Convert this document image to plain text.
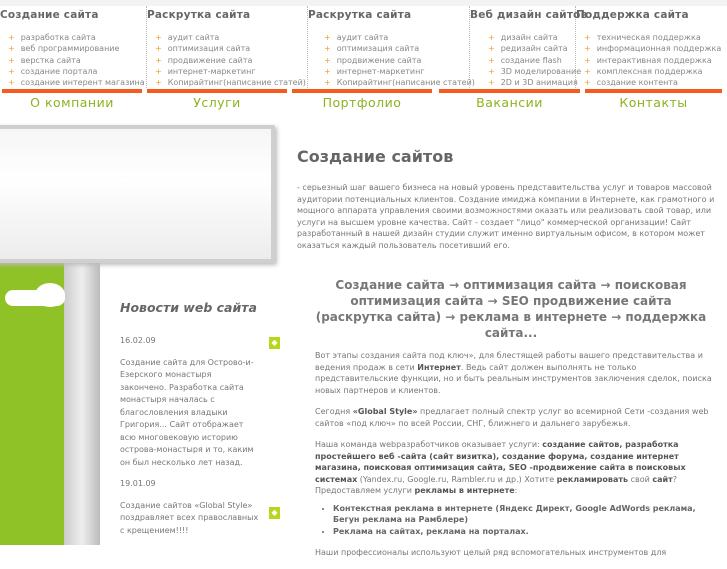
Создание сайта
+ разработка сайта
+ веб программирование
+ верстка сайта
+ создание портала
+ создание интерент магазина
Раскрутка сайта
+ аудит сайта
+ оптимизация сайта
+ продвижение сайта
+ интернет-маркетинг
+ Копирайтинг(написание статей)
Раскрутка сайта
+ аудит сайта
+ оптимизация сайта
+ продвижение сайта
+ интернет-маркетинг
+ Копирайтинг(написание статей)
Веб дизайн сайтов
+ дизайн сайта
+ редизайн сайта
+ создание flash
+ 3D моделирование
+ 2D и 3D анимация
Поддержка сайта
+ техническая поддержка
+ информационная поддержка
+ интерактивная поддержка
+ комплексная поддержка
+ создание контента
О компании	Услуги	Портфолио	Вакансии	Контакты
Создание сайтов

- серьезный шаг вашего бизнеса на новый уровень представительства услуг и товаров массовой аудитории потенциальных клиентов. Создание имиджа компании в Интернете, как грамотного и мощного аппарата управления своими возможностями оказать или реализовать свой товар, или услуги на высшем уровне качества. Сайт - создает "лицо" коммерческой организации! Сайт разработанный в нашей дизайн студии служит именно виртуальным офисом, в котором может оказаться каждый пользователь посетивший его.

Создание сайта → оптимизация сайта → поисковая оптимизация сайта → SEO продвижение сайта (раскрутка сайта) → реклама в интернете → поддержка сайта...

Вот этапы создания сайта под ключ», для блестящей работы вашего представительства и ведения продаж в сети Интернет. Ведь сайт должен выполнять не только представительские функции, но и быть реальным инструментов заключения сделок, поиска новых партнеров и клиентов.

Сегодня «Global Style» предлагает полный спектр услуг во всемирной Сети -создания web сайтов «под ключ» по всей России, СНГ, ближнего и дальнего зарубежья.

Наша команда webразработчиков оказывает услуги: создание сайтов, разработка простейшего веб -сайта (сайт визитка), создание форума, создание интернет магазина, поисковая оптимизация сайта, SEO -продвижение сайта в поисковых системах (Yandex.ru, Google.ru, Rambler.ru и др.) Хотите рекламировать свой сайт? Предоставляем услуги рекламы в интернете:

• Контекстная реклама в интернете (Яндекс Директ, Google AdWords реклама, Бегун реклама на Рамблере)
• Реклама на сайтах, реклама на порталах.

Наши профессионалы используют целый ряд вспомогательных инструментов для

Новости web сайта

16.02.09

Создание сайта для Острово-и-Езерского монастыря закончено. Разработка сайта монастыря началась с благословления владыки Григория... Сайт отображает всю многовековую историю острова-монастыря и то, каким он был несколько лет назад.

19.01.09

Создание сайтов «Global Style» поздравляет всех православных с крещением!!!!

◆
◆
